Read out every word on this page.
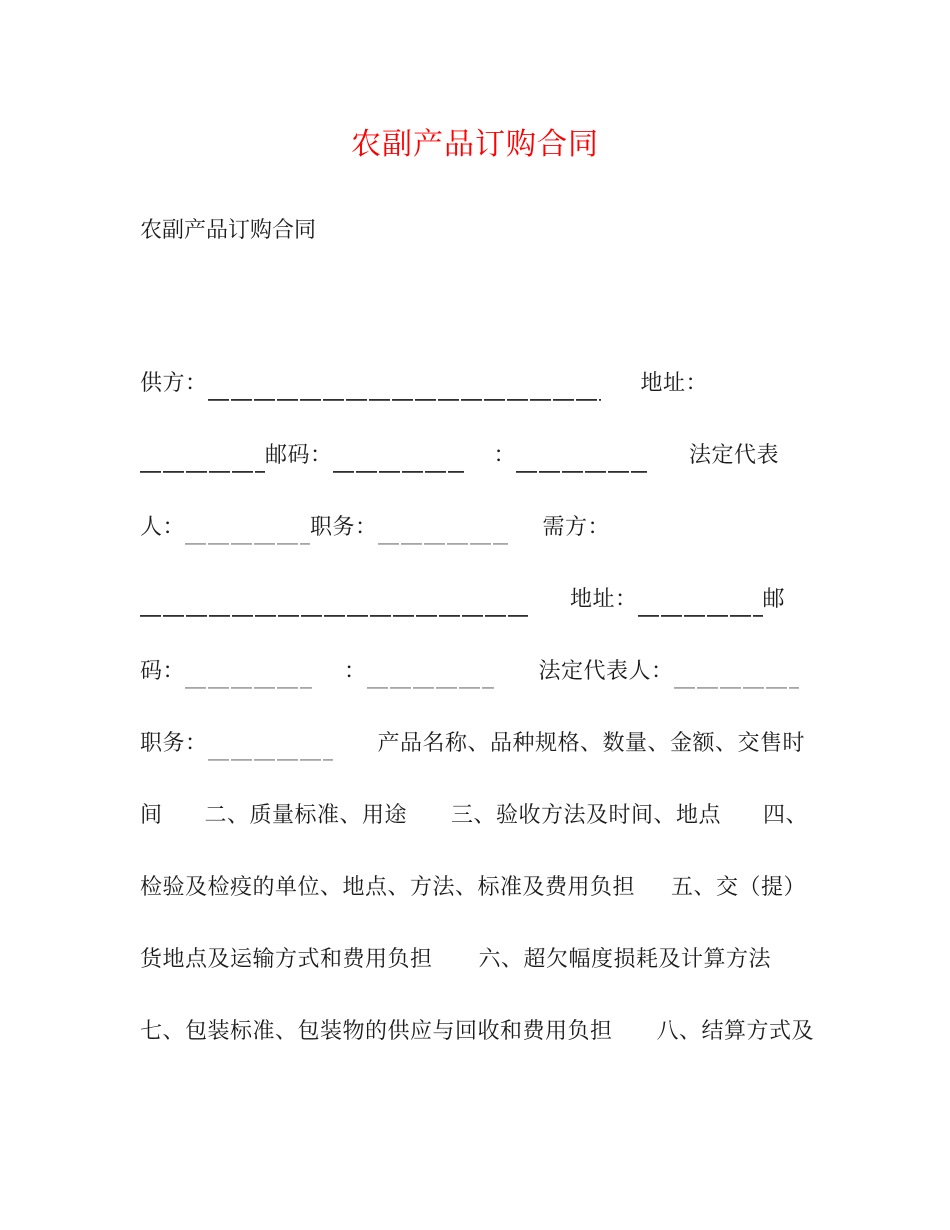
农副产品订购合同
农副产品订购合同
供方：	地址：
邮码：	：	法定代表
人：	职务：	需方：
地址：	邮
码：	：	法定代表人：
职务：	产品名称、品种规格、数量、金额、交售时
间 二、质量标准、用途 三、验收方法及时间、地点 四、
检验及检疫的单位、地点、方法、标准及费用负担 五、交（提）
货地点及运输方式和费用负担 六、超欠幅度损耗及计算方法
七、包装标准、包装物的供应与回收和费用负担 八、结算方式及
